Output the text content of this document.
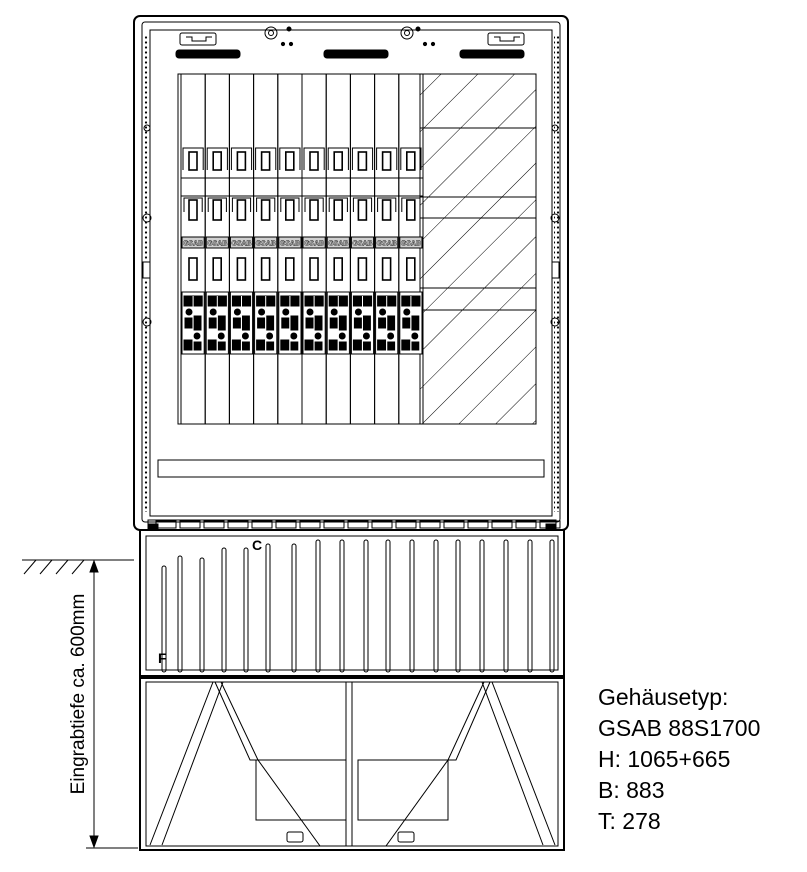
GSAB GSAB GSAB GSAB GSAB GSAB GSAB GSAB GSAB GSAB
C
F
Eingrabtiefe ca. 600mm	Gehäusetyp:
GSAB 88S1700
H: 1065+665
B: 883
T: 278
